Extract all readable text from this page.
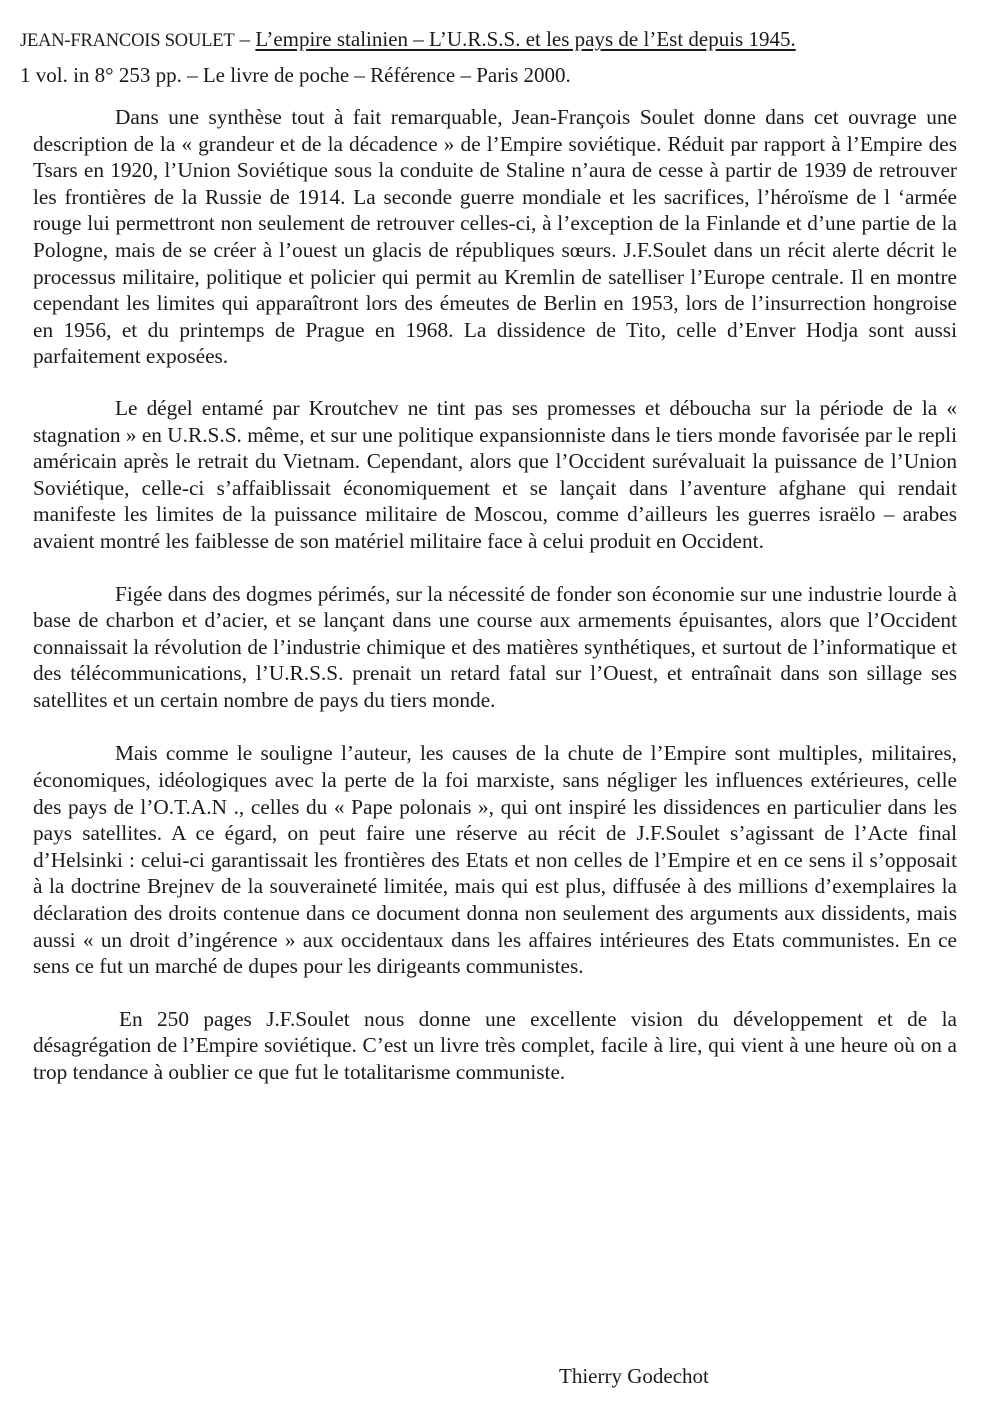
JEAN-FRANCOIS SOULET – L’empire stalinien – L’U.R.S.S. et les pays de l’Est depuis 1945.
1 vol. in 8° 253 pp. – Le livre de poche – Référence – Paris 2000.

Dans une synthèse tout à fait remarquable, Jean-François Soulet donne dans cet ouvrage une description de la « grandeur et de la décadence » de l’Empire soviétique. Réduit par rapport à l’Empire des Tsars en 1920, l’Union Soviétique sous la conduite de Staline n’aura de cesse à partir de 1939 de retrouver les frontières de la Russie de 1914. La seconde guerre mondiale et les sacrifices, l’héroïsme de l ‘armée rouge lui permettront non seulement de retrouver celles-ci, à l’exception de la Finlande et d’une partie de la Pologne, mais de se créer à l’ouest un glacis de républiques sœurs. J.F.Soulet dans un récit alerte décrit le processus militaire, politique et policier qui permit au Kremlin de satelliser l’Europe centrale. Il en montre cependant les limites qui apparaîtront lors des émeutes de Berlin en 1953, lors de l’insurrection hongroise en 1956, et du printemps de Prague en 1968. La dissidence de Tito, celle d’Enver Hodja sont aussi parfaitement exposées.

Le dégel entamé par Kroutchev ne tint pas ses promesses et déboucha sur la période de la « stagnation » en U.R.S.S. même, et sur une politique expansionniste dans le tiers monde favorisée par le repli américain après le retrait du Vietnam. Cependant, alors que l’Occident surévaluait la puissance de l’Union Soviétique, celle-ci s’affaiblissait économiquement et se lançait dans l’aventure afghane qui rendait manifeste les limites de la puissance militaire de Moscou, comme d’ailleurs les guerres israëlo – arabes avaient montré les faiblesse de son matériel militaire face à celui produit en Occident.

Figée dans des dogmes périmés, sur la nécessité de fonder son économie sur une industrie lourde à base de charbon et d’acier, et se lançant dans une course aux armements épuisantes, alors que l’Occident connaissait la révolution de l’industrie chimique et des matières synthétiques, et surtout de l’informatique et des télécommunications, l’U.R.S.S. prenait un retard fatal sur l’Ouest, et entraînait dans son sillage ses satellites et un certain nombre de pays du tiers monde.

Mais comme le souligne l’auteur, les causes de la chute de l’Empire sont multiples, militaires, économiques, idéologiques avec la perte de la foi marxiste, sans négliger les influences extérieures, celle des pays de l’O.T.A.N ., celles du « Pape polonais », qui ont inspiré les dissidences en particulier dans les pays satellites. A ce égard, on peut faire une réserve au récit de J.F.Soulet s’agissant de l’Acte final d’Helsinki : celui-ci garantissait les frontières des Etats et non celles de l’Empire et en ce sens il s’opposait à la doctrine Brejnev de la souveraineté limitée, mais qui est plus, diffusée à des millions d’exemplaires la déclaration des droits contenue dans ce document donna non seulement des arguments aux dissidents, mais aussi « un droit d’ingérence » aux occidentaux dans les affaires intérieures des Etats communistes. En ce sens ce fut un marché de dupes pour les dirigeants communistes.

En 250 pages J.F.Soulet nous donne une excellente vision du développement et de la désagrégation de l’Empire soviétique. C’est un livre très complet, facile à lire, qui vient à une heure où on a trop tendance à oublier ce que fut le totalitarisme communiste.

Thierry Godechot
